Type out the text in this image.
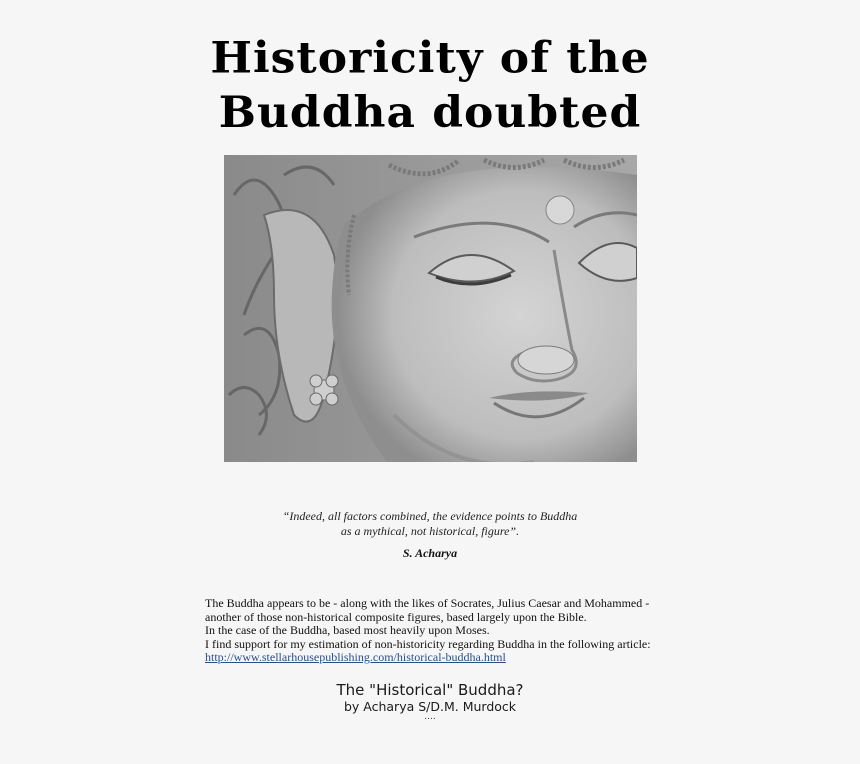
Historicity of the
Buddha doubted
“Indeed, all factors combined, the evidence points to Buddha
as a mythical, not historical, figure”.
S. Acharya
The Buddha appears to be - along with the likes of Socrates, Julius Caesar and Mohammed -
another of those non-historical composite figures, based largely upon the Bible.
In the case of the Buddha, based most heavily upon Moses.
I find support for my estimation of non-historicity regarding Buddha in the following article:
http://www.stellarhousepublishing.com/historical-buddha.html
The "Historical" Buddha?
by Acharya S/D.M. Murdock
....
